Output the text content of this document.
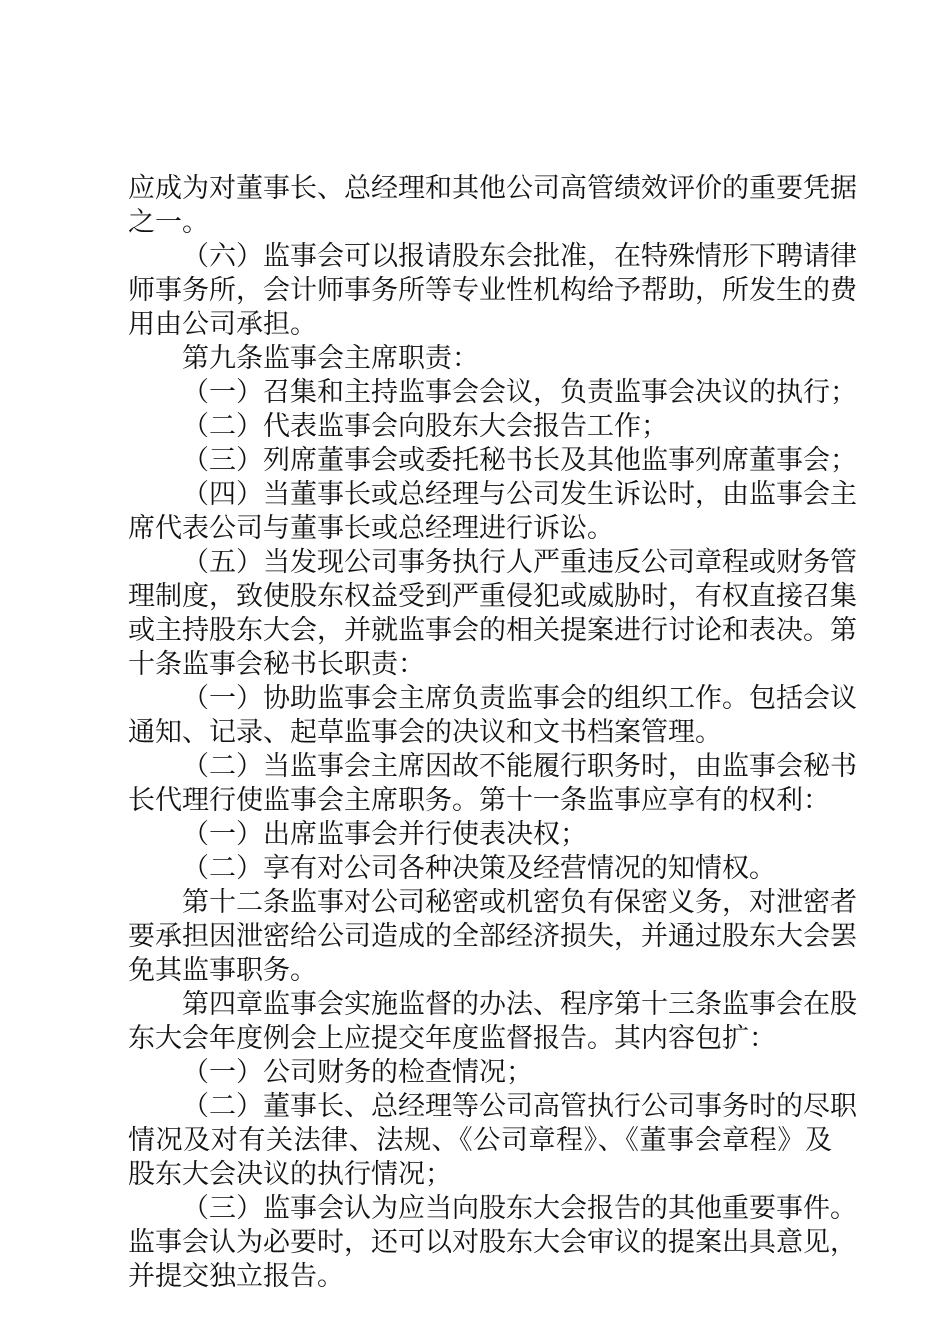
应成为对董事长、总经理和其他公司高管绩效评价的重要凭据
之一。
（六）监事会可以报请股东会批准，在特殊情形下聘请律
师事务所，会计师事务所等专业性机构给予帮助，所发生的费
用由公司承担。
第九条监事会主席职责：
（一）召集和主持监事会会议，负责监事会决议的执行；
（二）代表监事会向股东大会报告工作；
（三）列席董事会或委托秘书长及其他监事列席董事会；
（四）当董事长或总经理与公司发生诉讼时，由监事会主
席代表公司与董事长或总经理进行诉讼。
（五）当发现公司事务执行人严重违反公司章程或财务管
理制度，致使股东权益受到严重侵犯或威胁时，有权直接召集
或主持股东大会，并就监事会的相关提案进行讨论和表决。第
十条监事会秘书长职责：
（一）协助监事会主席负责监事会的组织工作。包括会议
通知、记录、起草监事会的决议和文书档案管理。
（二）当监事会主席因故不能履行职务时，由监事会秘书
长代理行使监事会主席职务。第十一条监事应享有的权利：
（一）出席监事会并行使表决权；
（二）享有对公司各种决策及经营情况的知情权。
第十二条监事对公司秘密或机密负有保密义务，对泄密者
要承担因泄密给公司造成的全部经济损失，并通过股东大会罢
免其监事职务。
第四章监事会实施监督的办法、程序第十三条监事会在股
东大会年度例会上应提交年度监督报告。其内容包扩：
（一）公司财务的检查情况；
（二）董事长、总经理等公司高管执行公司事务时的尽职
情况及对有关法律、法规、《公司章程》、《董事会章程》及
股东大会决议的执行情况；
（三）监事会认为应当向股东大会报告的其他重要事件。
监事会认为必要时，还可以对股东大会审议的提案出具意见，
并提交独立报告。
